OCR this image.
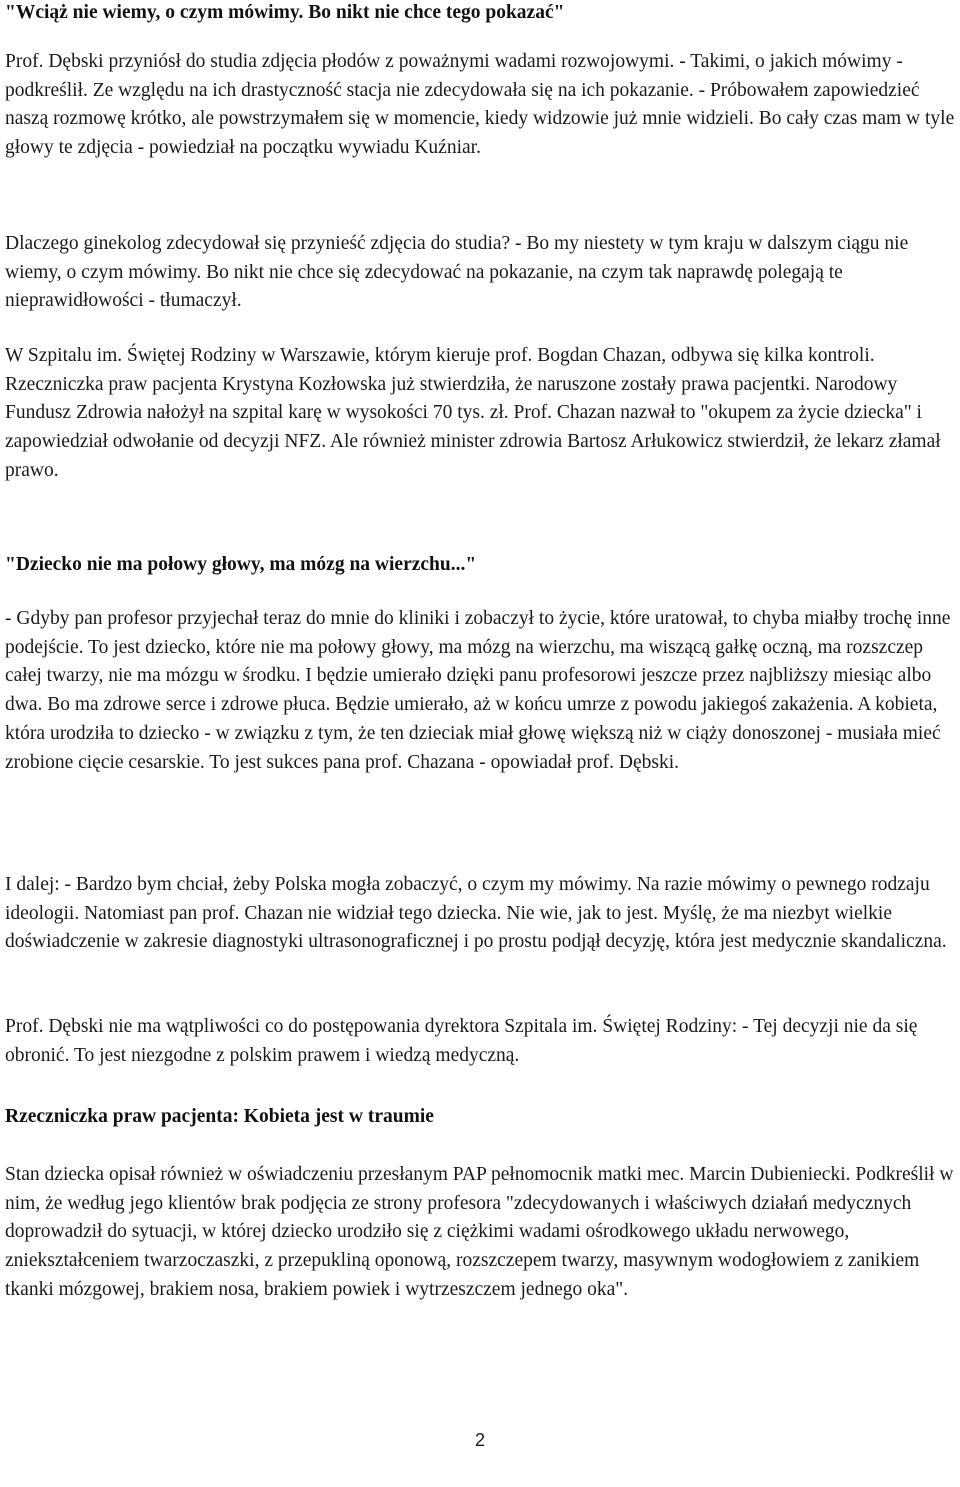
"Wciąż nie wiemy, o czym mówimy. Bo nikt nie chce tego pokazać"

Prof. Dębski przyniósł do studia zdjęcia płodów z poważnymi wadami rozwojowymi. - Takimi, o jakich mówimy - podkreślił. Ze względu na ich drastyczność stacja nie zdecydowała się na ich pokazanie. - Próbowałem zapowiedzieć naszą rozmowę krótko, ale powstrzymałem się w momencie, kiedy widzowie już mnie widzieli. Bo cały czas mam w tyle głowy te zdjęcia - powiedział na początku wywiadu Kuźniar.

Dlaczego ginekolog zdecydował się przynieść zdjęcia do studia? - Bo my niestety w tym kraju w dalszym ciągu nie wiemy, o czym mówimy. Bo nikt nie chce się zdecydować na pokazanie, na czym tak naprawdę polegają te nieprawidłowości - tłumaczył.

W Szpitalu im. Świętej Rodziny w Warszawie, którym kieruje prof. Bogdan Chazan, odbywa się kilka kontroli. Rzeczniczka praw pacjenta Krystyna Kozłowska już stwierdziła, że naruszone zostały prawa pacjentki. Narodowy Fundusz Zdrowia nałożył na szpital karę w wysokości 70 tys. zł. Prof. Chazan nazwał to "okupem za życie dziecka" i zapowiedział odwołanie od decyzji NFZ. Ale również minister zdrowia Bartosz Arłukowicz stwierdził, że lekarz złamał prawo.

"Dziecko nie ma połowy głowy, ma mózg na wierzchu..."

- Gdyby pan profesor przyjechał teraz do mnie do kliniki i zobaczył to życie, które uratował, to chyba miałby trochę inne podejście. To jest dziecko, które nie ma połowy głowy, ma mózg na wierzchu, ma wiszącą gałkę oczną, ma rozszczep całej twarzy, nie ma mózgu w środku. I będzie umierało dzięki panu profesorowi jeszcze przez najbliższy miesiąc albo dwa. Bo ma zdrowe serce i zdrowe płuca. Będzie umierało, aż w końcu umrze z powodu jakiegoś zakażenia. A kobieta, która urodziła to dziecko - w związku z tym, że ten dzieciak miał głowę większą niż w ciąży donoszonej - musiała mieć zrobione cięcie cesarskie. To jest sukces pana prof. Chazana - opowiadał prof. Dębski.

I dalej: - Bardzo bym chciał, żeby Polska mogła zobaczyć, o czym my mówimy. Na razie mówimy o pewnego rodzaju ideologii. Natomiast pan prof. Chazan nie widział tego dziecka. Nie wie, jak to jest. Myślę, że ma niezbyt wielkie doświadczenie w zakresie diagnostyki ultrasonograficznej i po prostu podjął decyzję, która jest medycznie skandaliczna.

Prof. Dębski nie ma wątpliwości co do postępowania dyrektora Szpitala im. Świętej Rodziny: - Tej decyzji nie da się obronić. To jest niezgodne z polskim prawem i wiedzą medyczną.

Rzeczniczka praw pacjenta: Kobieta jest w traumie

Stan dziecka opisał również w oświadczeniu przesłanym PAP pełnomocnik matki mec. Marcin Dubieniecki. Podkreślił w nim, że według jego klientów brak podjęcia ze strony profesora "zdecydowanych i właściwych działań medycznych doprowadził do sytuacji, w której dziecko urodziło się z ciężkimi wadami ośrodkowego układu nerwowego, zniekształceniem twarzoczaszki, z przepukliną oponową, rozszczepem twarzy, masywnym wodogłowiem z zanikiem tkanki mózgowej, brakiem nosa, brakiem powiek i wytrzeszczem jednego oka".

2
